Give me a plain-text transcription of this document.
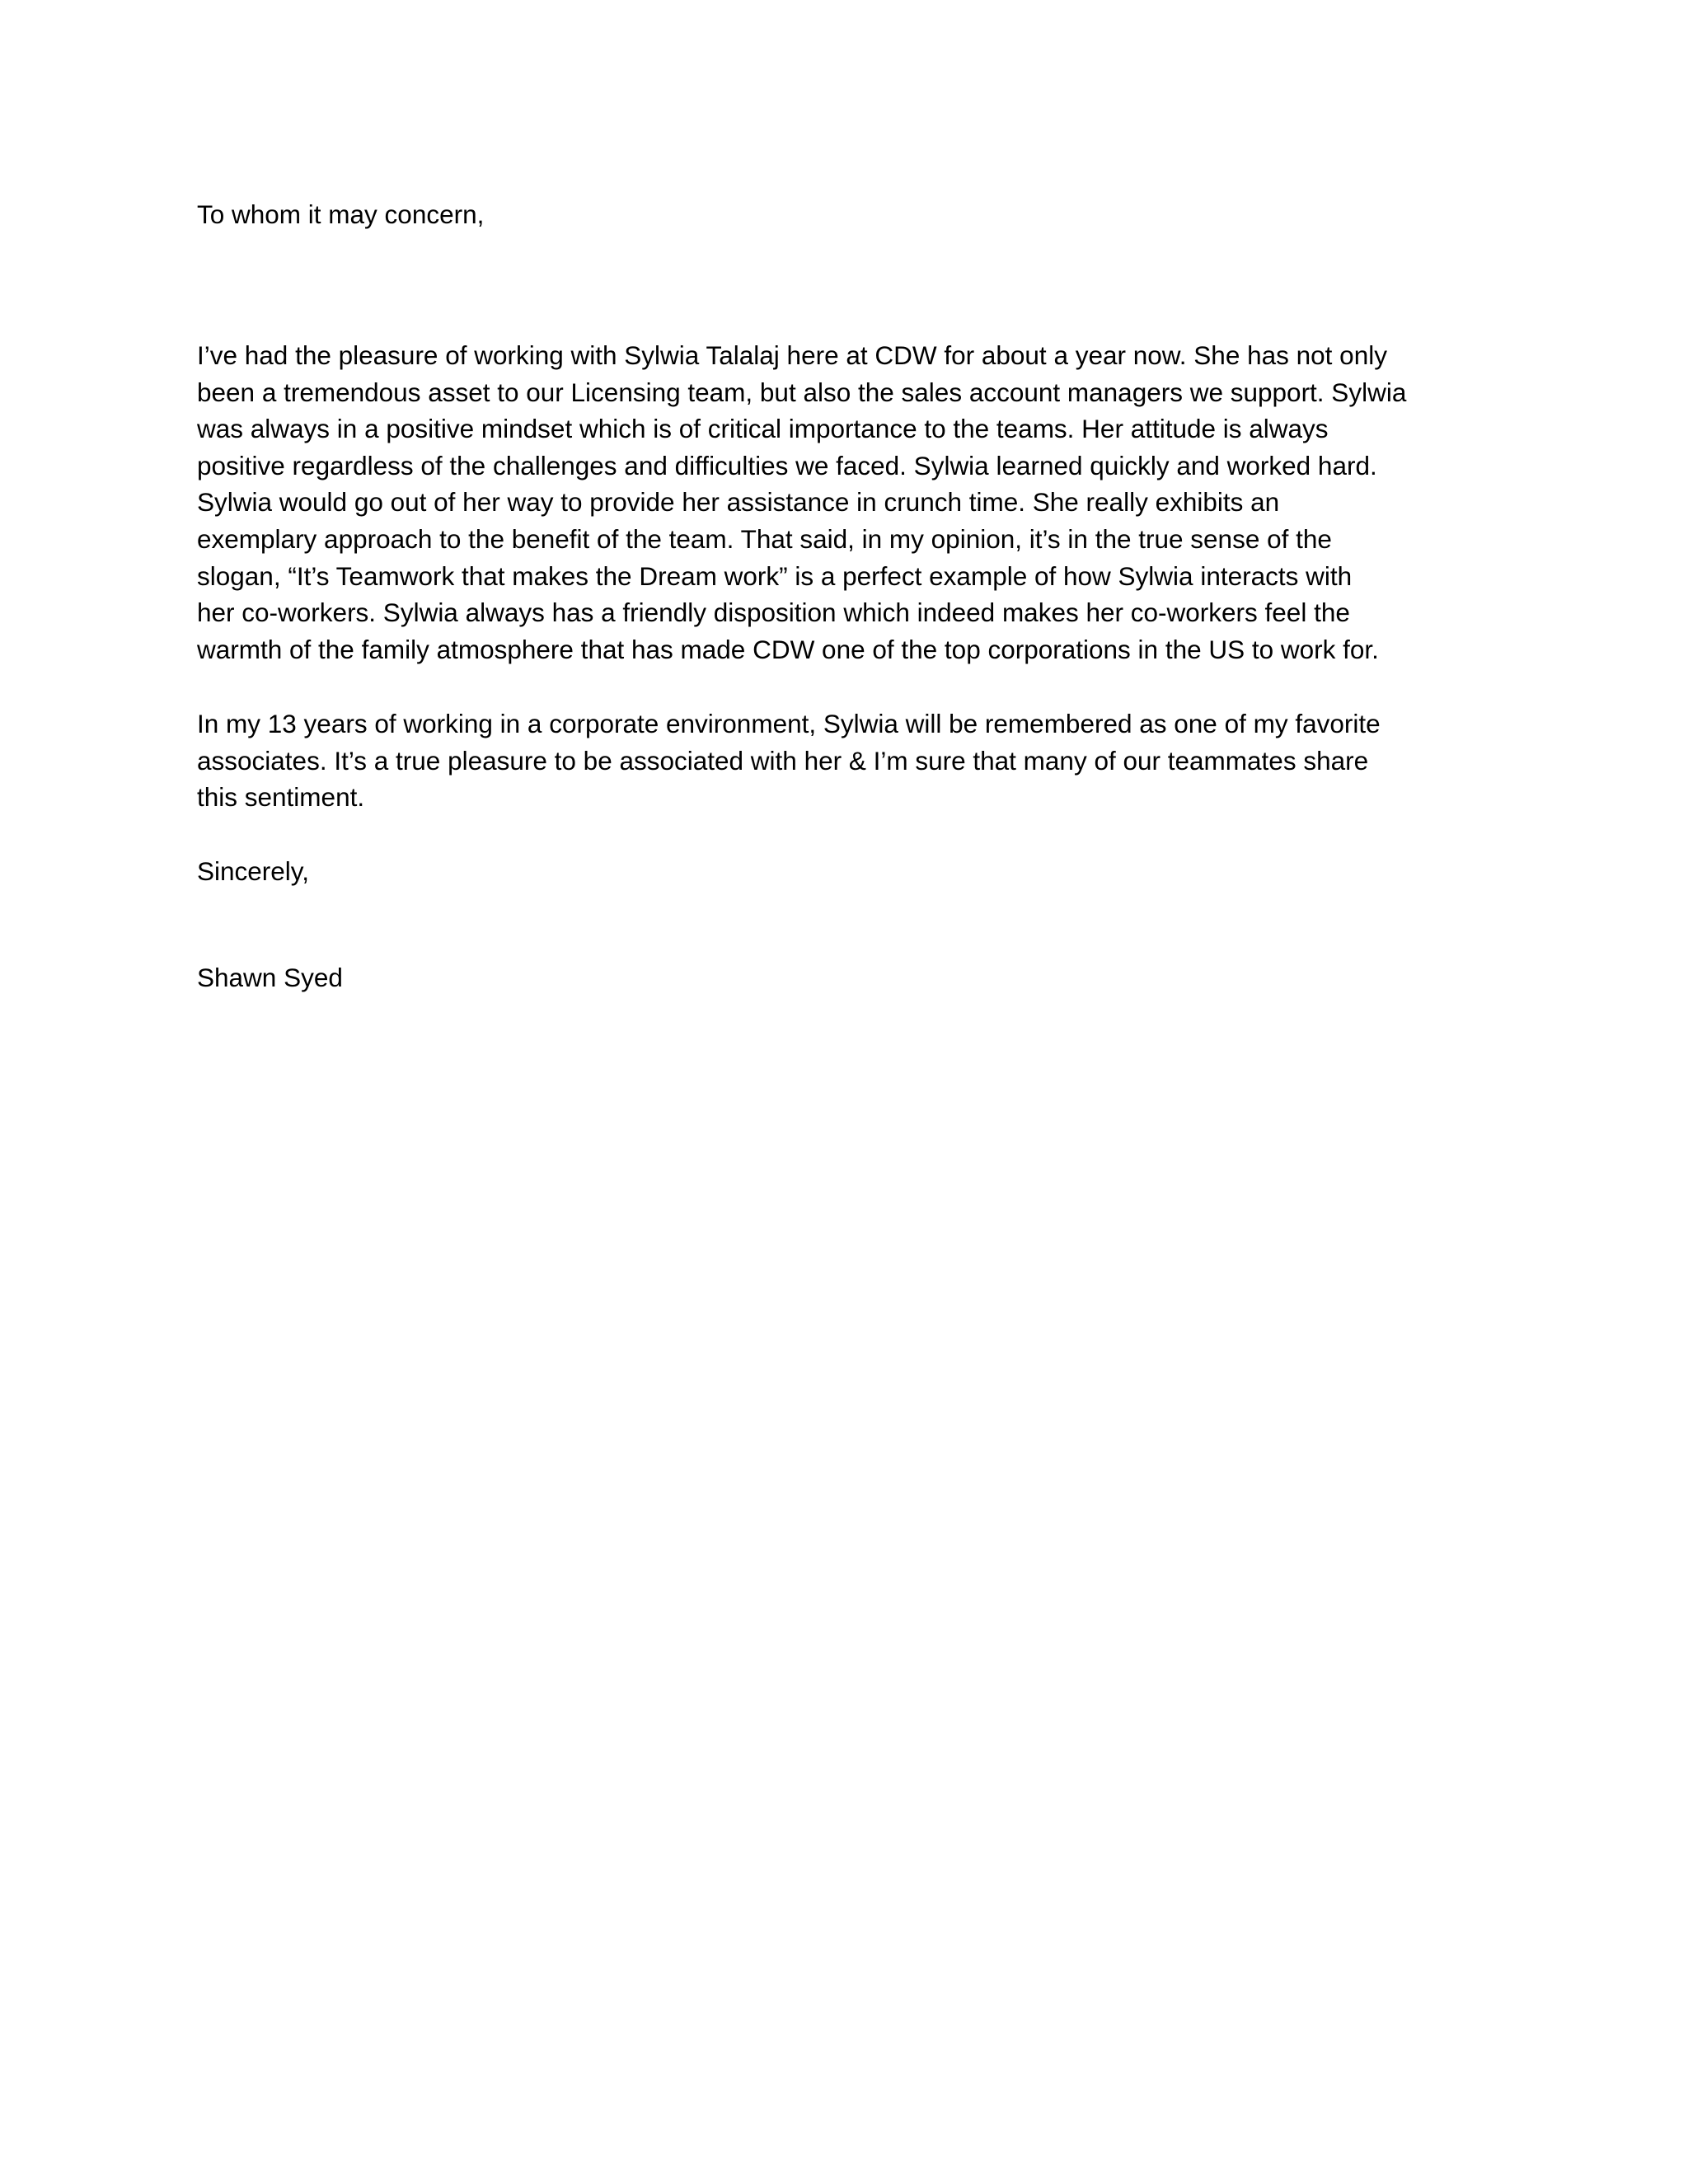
To whom it may concern,

I’ve had the pleasure of working with Sylwia Talalaj here at CDW for about a year now. She has not only
been a tremendous asset to our Licensing team, but also the sales account managers we support. Sylwia
was always in a positive mindset which is of critical importance to the teams. Her attitude is always
positive regardless of the challenges and difficulties we faced. Sylwia learned quickly and worked hard.
Sylwia would go out of her way to provide her assistance in crunch time. She really exhibits an
exemplary approach to the benefit of the team. That said, in my opinion, it’s in the true sense of the
slogan, “It’s Teamwork that makes the Dream work” is a perfect example of how Sylwia interacts with
her co-workers. Sylwia always has a friendly disposition which indeed makes her co-workers feel the
warmth of the family atmosphere that has made CDW one of the top corporations in the US to work for.

In my 13 years of working in a corporate environment, Sylwia will be remembered as one of my favorite
associates. It’s a true pleasure to be associated with her & I’m sure that many of our teammates share
this sentiment.

Sincerely,

Shawn Syed
